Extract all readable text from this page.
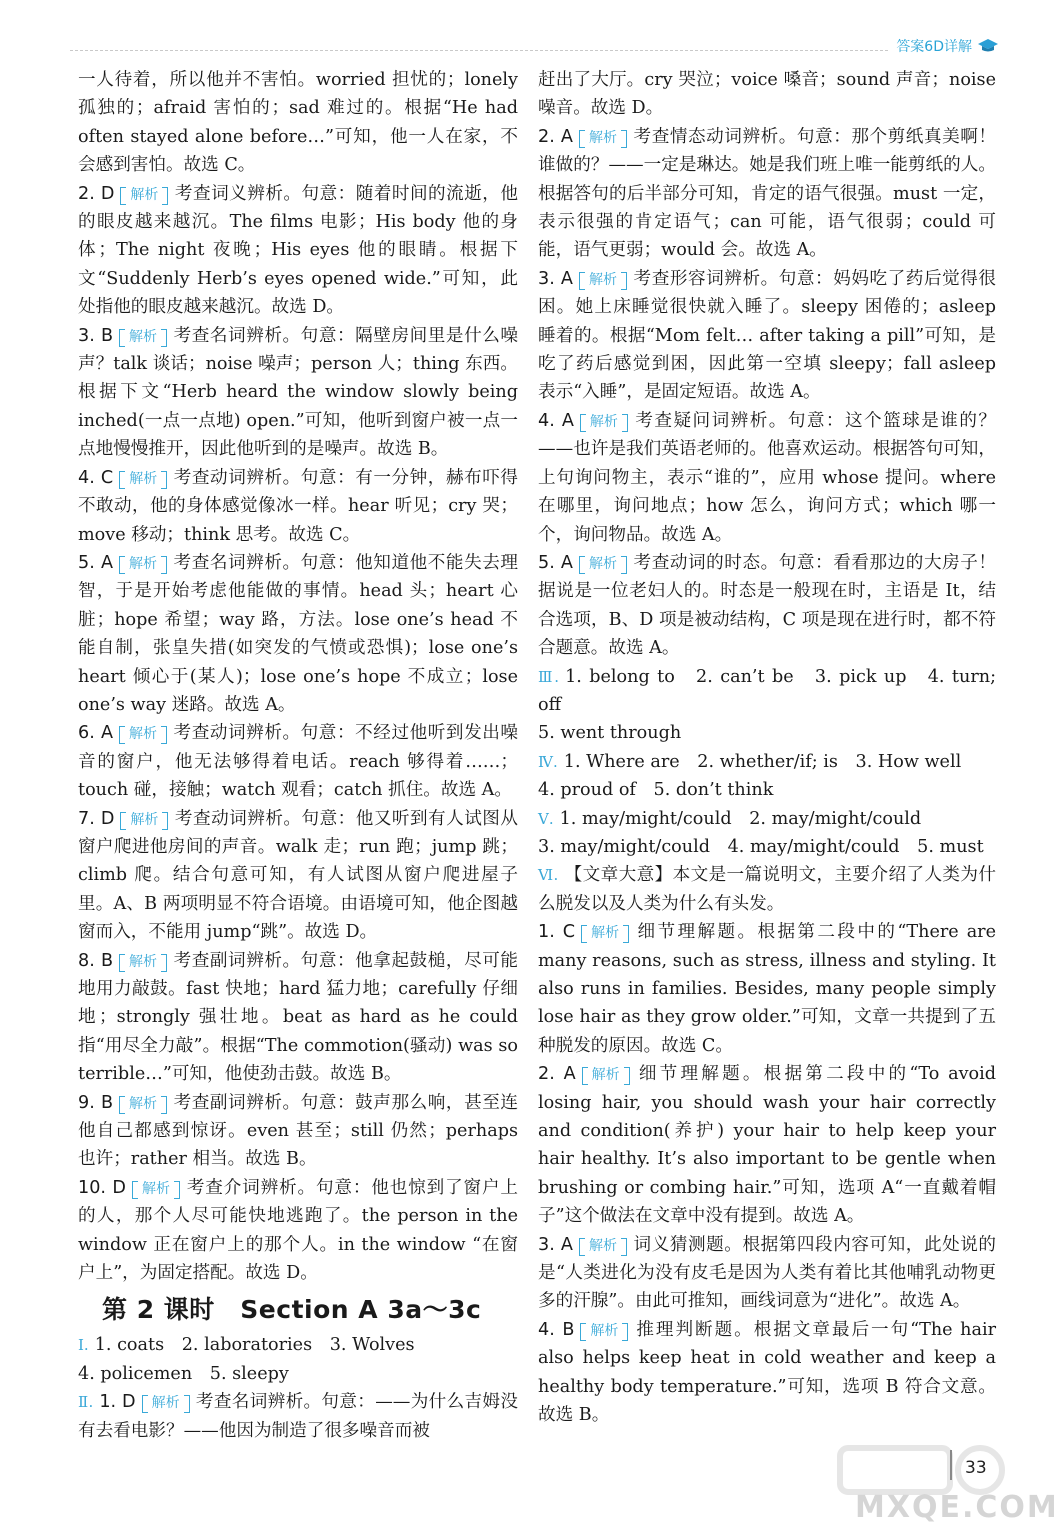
答案6D详解

一人待着，所以他并不害怕。worried 担忧的；lonely 孤独的；afraid 害怕的；sad 难过的。根据“He had often stayed alone before…”可知，他一人在家，不会感到害怕。故选 C。

2. D 解析 考查词义辨析。句意：随着时间的流逝，他的眼皮越来越沉。The films 电影；His body 他的身体；The night 夜晚；His eyes 他的眼睛。根据下文“Suddenly Herb’s eyes opened wide.”可知，此处指他的眼皮越来越沉。故选 D。

3. B 解析 考查名词辨析。句意：隔壁房间里是什么噪声？talk 谈话；noise 噪声；person 人；thing 东西。根据下文“Herb heard the window slowly being inched(一点一点地) open.”可知，他听到窗户被一点一点地慢慢推开，因此他听到的是噪声。故选 B。

4. C 解析 考查动词辨析。句意：有一分钟，赫布吓得不敢动，他的身体感觉像冰一样。hear 听见；cry 哭；move 移动；think 思考。故选 C。

5. A 解析 考查名词辨析。句意：他知道他不能失去理智，于是开始考虑他能做的事情。head 头；heart 心脏；hope 希望；way 路，方法。lose one’s head 不能自制，张皇失措(如突发的气愤或恐惧)；lose one’s heart 倾心于(某人)；lose one’s hope 不成立；lose one’s way 迷路。故选 A。

6. A 解析 考查动词辨析。句意：不经过他听到发出噪音的窗户，他无法够得着电话。reach 够得着……；touch 碰，接触；watch 观看；catch 抓住。故选 A。

7. D 解析 考查动词辨析。句意：他又听到有人试图从窗户爬进他房间的声音。walk 走；run 跑；jump 跳；climb 爬。结合句意可知，有人试图从窗户爬进屋子里。A、B 两项明显不符合语境。由语境可知，他企图越窗而入，不能用 jump“跳”。故选 D。

8. B 解析 考查副词辨析。句意：他拿起鼓槌，尽可能地用力敲鼓。fast 快地；hard 猛力地；carefully 仔细地；strongly 强壮地。beat as hard as he could 指“用尽全力敲”。根据“The commotion(骚动) was so terrible…”可知，他使劲击鼓。故选 B。

9. B 解析 考查副词辨析。句意：鼓声那么响，甚至连他自己都感到惊讶。even 甚至；still 仍然；perhaps 也许；rather 相当。故选 B。

10. D 解析 考查介词辨析。句意：他也惊到了窗户上的人，那个人尽可能快地逃跑了。the person in the window 正在窗户上的那个人。in the window “在窗户上”，为固定搭配。故选 D。

第 2 课时　Section A 3a～3c

Ⅰ. 1. coats　2. laboratories　3. Wolves

4. policemen　5. sleepy

Ⅱ. 1. D 解析 考查名词辨析。句意：——为什么吉姆没有去看电影？——他因为制造了很多噪音而被

赶出了大厅。cry 哭泣；voice 嗓音；sound 声音；noise 噪音。故选 D。

2. A 解析 考查情态动词辨析。句意：那个剪纸真美啊！谁做的？——一定是琳达。她是我们班上唯一能剪纸的人。根据答句的后半部分可知，肯定的语气很强。must 一定，表示很强的肯定语气；can 可能，语气很弱；could 可能，语气更弱；would 会。故选 A。

3. A 解析 考查形容词辨析。句意：妈妈吃了药后觉得很困。她上床睡觉很快就入睡了。sleepy 困倦的；asleep 睡着的。根据“Mom felt… after taking a pill”可知，是吃了药后感觉到困，因此第一空填 sleepy；fall asleep 表示“入睡”，是固定短语。故选 A。

4. A 解析 考查疑问词辨析。句意：这个篮球是谁的？——也许是我们英语老师的。他喜欢运动。根据答句可知，上句询问物主，表示“谁的”，应用 whose 提问。where 在哪里，询问地点；how 怎么，询问方式；which 哪一个，询问物品。故选 A。

5. A 解析 考查动词的时态。句意：看看那边的大房子！据说是一位老妇人的。时态是一般现在时，主语是 It，结合选项，B、D 项是被动结构，C 项是现在进行时，都不符合题意。故选 A。

Ⅲ. 1. belong to　2. can’t be　3. pick up　4. turn; off

5. went through

Ⅳ. 1. Where are　2. whether/if; is　3. How well

4. proud of　5. don’t think

Ⅴ. 1. may/might/could　2. may/might/could

3. may/might/could　4. may/might/could　5. must

Ⅵ. 【文章大意】本文是一篇说明文，主要介绍了人类为什么脱发以及人类为什么有头发。

1. C 解析 细节理解题。根据第二段中的“There are many reasons, such as stress, illness and styling. It also runs in families. Besides, many people simply lose hair as they grow older.”可知，文章一共提到了五种脱发的原因。故选 C。

2. A 解析 细节理解题。根据第二段中的“To avoid losing hair, you should wash your hair correctly and condition(养护) your hair to help keep your hair healthy. It’s also important to be gentle when brushing or combing hair.”可知，选项 A“一直戴着帽子”这个做法在文章中没有提到。故选 A。

3. A 解析 词义猜测题。根据第四段内容可知，此处说的是“人类进化为没有皮毛是因为人类有着比其他哺乳动物更多的汗腺”。由此可推知，画线词意为“进化”。故选 A。

4. B 解析 推理判断题。根据文章最后一句“The hair also helps keep heat in cold weather and keep a healthy body temperature.”可知，选项 B 符合文意。故选 B。

MXQE.COM
33
